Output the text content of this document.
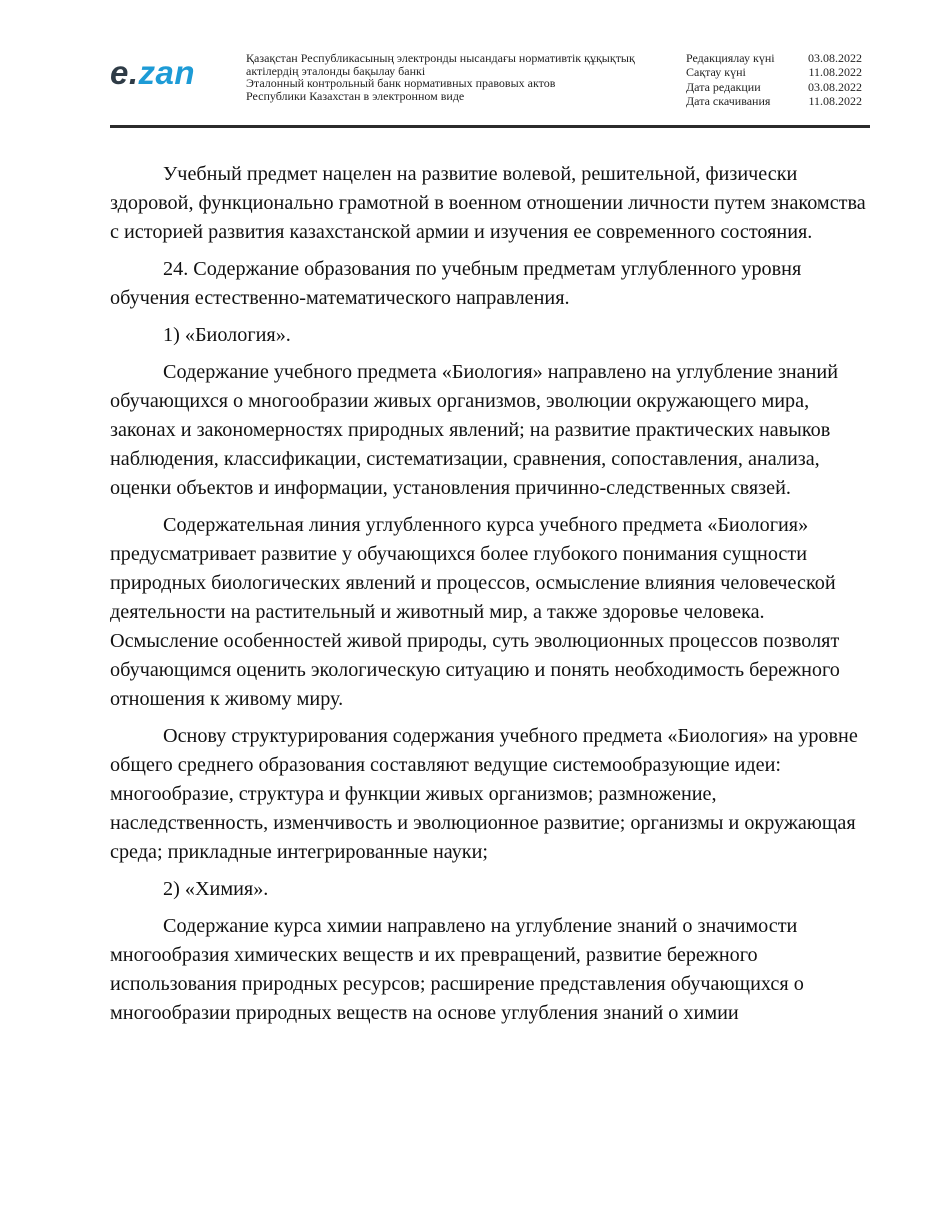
e.zan	Қазақстан Республикасының электронды нысандағы нормативтік құқықтық
актілердің эталонды бақылау банкі
Эталонный контрольный банк нормативных правовых актов
Республики Казахстан в электронном виде
Редакциялау күні	03.08.2022
Сақтау күні	11.08.2022
Дата редакции	03.08.2022
Дата скачивания	11.08.2022

Учебный предмет нацелен на развитие волевой, решительной, физически здоровой, функционально грамотной в военном отношении личности путем знакомства с историей развития казахстанской армии и изучения ее современного состояния.

24. Содержание образования по учебным предметам углубленного уровня обучения естественно-математического направления.

1) «Биология».

Содержание учебного предмета «Биология» направлено на углубление знаний обучающихся о многообразии живых организмов, эволюции окружающего мира, законах и закономерностях природных явлений; на развитие практических навыков наблюдения, классификации, систематизации, сравнения, сопоставления, анализа, оценки объектов и информации, установления причинно-следственных связей.

Содержательная линия углубленного курса учебного предмета «Биология» предусматривает развитие у обучающихся более глубокого понимания сущности природных биологических явлений и процессов, осмысление влияния человеческой деятельности на растительный и животный мир, а также здоровье человека. Осмысление особенностей живой природы, суть эволюционных процессов позволят обучающимся оценить экологическую ситуацию и понять необходимость бережного отношения к живому миру.

Основу структурирования содержания учебного предмета «Биология» на уровне общего среднего образования составляют ведущие системообразующие идеи: многообразие, структура и функции живых организмов; размножение, наследственность, изменчивость и эволюционное развитие; организмы и окружающая среда; прикладные интегрированные науки;

2) «Химия».

Содержание курса химии направлено на углубление знаний о значимости многообразия химических веществ и их превращений, развитие бережного использования природных ресурсов; расширение представления обучающихся о многообразии природных веществ на основе углубления знаний о химии
